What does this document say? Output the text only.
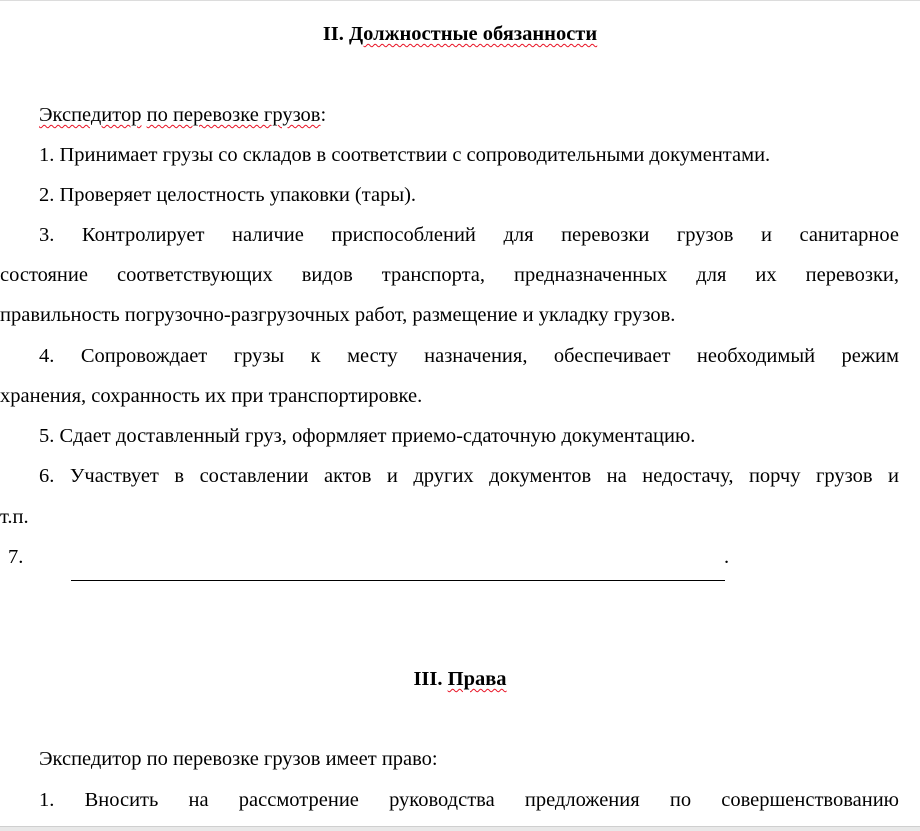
II. Должностные обязанности
Экспедитор по перевозке грузов:
1. Принимает грузы со складов в соответствии с сопроводительными документами.
2. Проверяет целостность упаковки (тары).
3. Контролирует наличие приспособлений для перевозки грузов и санитарное
состояние соответствующих видов транспорта, предназначенных для их перевозки,
правильность погрузочно-разгрузочных работ, размещение и укладку грузов.
4. Сопровождает грузы к месту назначения, обеспечивает необходимый режим
хранения, сохранность их при транспортировке.
5. Сдает доставленный груз, оформляет приемо-сдаточную документацию.
6. Участвует в составлении актов и других документов на недостачу, порчу грузов и
т.п.
7.	.
III. Права
Экспедитор по перевозке грузов имеет право:
1. Вносить на рассмотрение руководства предложения по совершенствованию
